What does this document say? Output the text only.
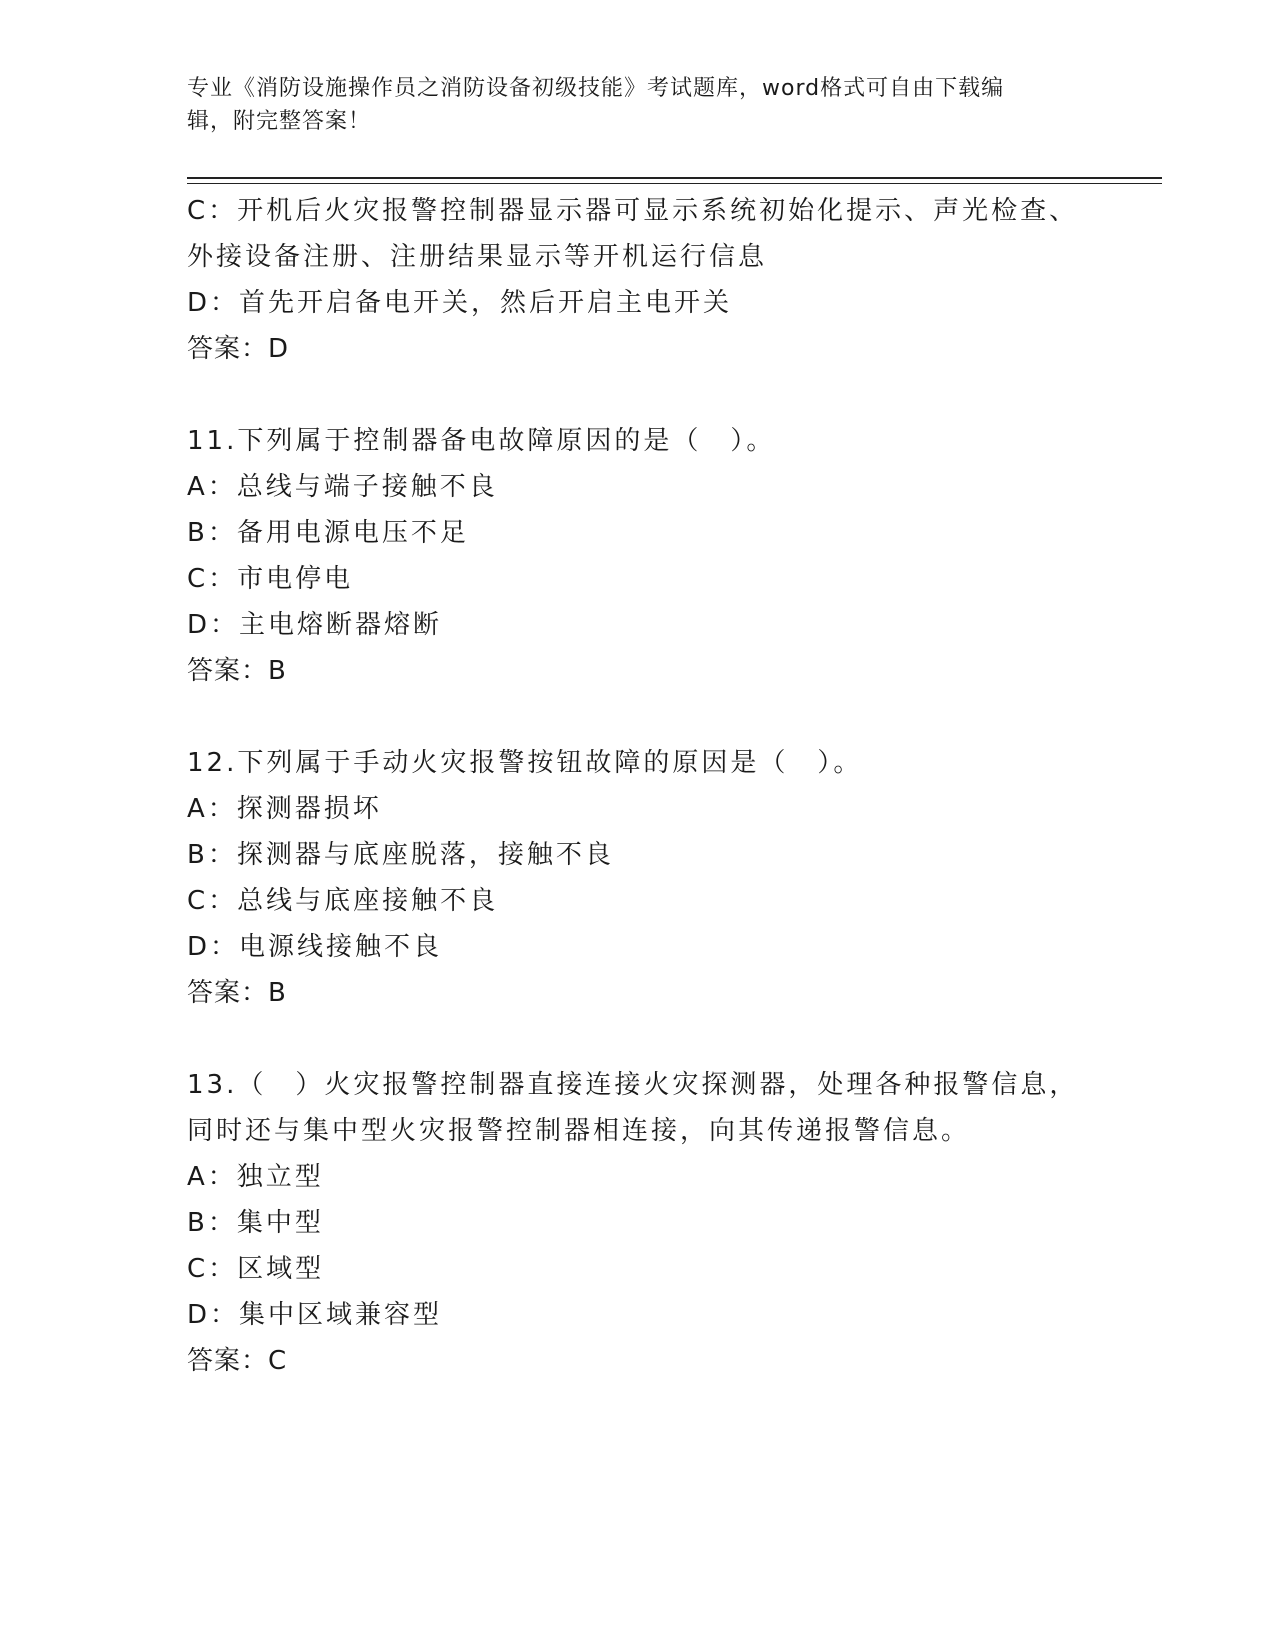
专业《消防设施操作员之消防设备初级技能》考试题库，word格式可自由下载编
辑，附完整答案！
C：开机后火灾报警控制器显示器可显示系统初始化提示、声光检查、
外接设备注册、注册结果显示等开机运行信息
D：首先开启备电开关，然后开启主电开关
答案：D
11.下列属于控制器备电故障原因的是（　）。
A：总线与端子接触不良
B：备用电源电压不足
C：市电停电
D：主电熔断器熔断
答案：B
12.下列属于手动火灾报警按钮故障的原因是（　）。
A：探测器损坏
B：探测器与底座脱落，接触不良
C：总线与底座接触不良
D：电源线接触不良
答案：B
13.（　）火灾报警控制器直接连接火灾探测器，处理各种报警信息，
同时还与集中型火灾报警控制器相连接，向其传递报警信息。
A：独立型
B：集中型
C：区域型
D：集中区域兼容型
答案：C
